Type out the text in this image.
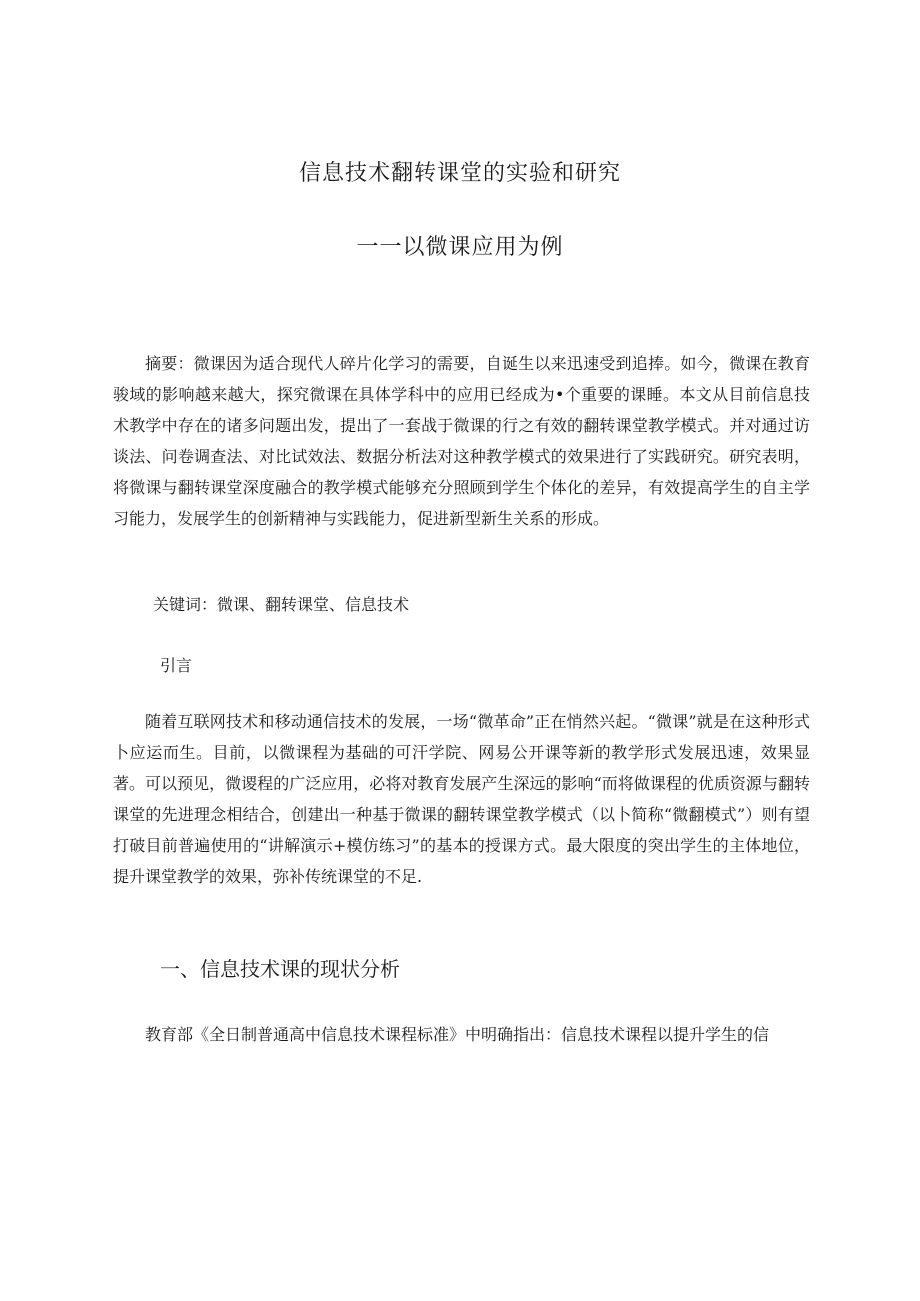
信息技术翻转课堂的实验和研究
一一以微课应用为例

摘要：微课因为适合现代人碎片化学习的需要，自诞生以来迅速受到追捧。如今，微课在教育骏域的影响越来越大，探究微课在具体学科中的应用已经成为•个重要的课睡。本文从目前信息技术教学中存在的诸多问题出发，提出了一套战于微课的行之有效的翻转课堂教学模式。并对通过访谈法、问卷调查法、对比试效法、数据分析法对这种教学模式的效果进行了实践研究。研究表明，将微课与翻转课堂深度融合的教学模式能够充分照顾到学生个体化的差异，有效提高学生的自主学习能力，发展学生的创新精神与实践能力，促进新型新生关系的形成。

关键词：微课、翻转课堂、信息技术

引言

随着互联网技术和移动通信技术的发展，一场“微革命”正在悄然兴起。“微课”就是在这种形式卜应运而生。目前，以微课程为基础的可汗学院、网易公开课等新的教学形式发展迅速，效果显著。可以预见，微谡程的广泛应用，必将对教育发展产生深远的影响“而将做课程的优质资源与翻转课堂的先进理念相结合，创建出一种基于微课的翻转课堂教学模式（以卜简称“微翻模式”）则有望打破目前普遍使用的“讲解演示+模仿练习”的基本的授课方式。最大限度的突出学生的主体地位，提升课堂教学的效果，弥补传统课堂的不足.

一、信息技术课的现状分析

教育部《全日制普通高中信息技术课程标准》中明确指出：信息技术课程以提升学生的信
